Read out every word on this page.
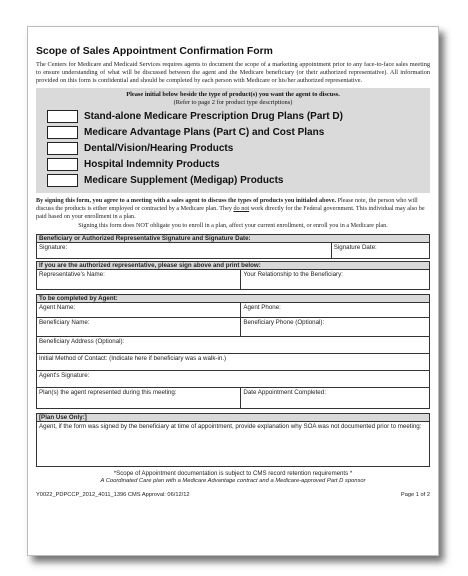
Scope of Sales Appointment Confirmation Form
The Centers for Medicare and Medicaid Services requires agents to document the scope of a marketing appointment prior to any face-to-face sales meeting to ensure understanding of what will be discussed between the agent and the Medicare beneficiary (or their authorized representative). All information provided on this form is confidential and should be completed by each person with Medicare or his/her authorized representative.
Please initial below beside the type of product(s) you want the agent to discuss.
(Refer to page 2 for product type descriptions)
Stand-alone Medicare Prescription Drug Plans (Part D)
Medicare Advantage Plans (Part C) and Cost Plans
Dental/Vision/Hearing Products
Hospital Indemnity Products
Medicare Supplement (Medigap) Products
By signing this form, you agree to a meeting with a sales agent to discuss the types of products you initialed above. Please note, the person who will discuss the products is either employed or contracted by a Medicare plan. They do not work directly for the Federal government. This individual may also be paid based on your enrollment in a plan.
Signing this form does NOT obligate you to enroll in a plan, affect your current enrollment, or enroll you in a Medicare plan.
Beneficiary or Authorized Representative Signature and Signature Date:
Signature:	Signature Date:
If you are the authorized representative, please sign above and print below:
Representative's Name:	Your Relationship to the Beneficiary:
To be completed by Agent:	
Agent Name:	Agent Phone:
Beneficiary Name:	Beneficiary Phone (Optional):
Beneficiary Address (Optional):	
Initial Method of Contact: (Indicate here if beneficiary was a walk-in.)	
Agent's Signature:	
Plan(s) the agent represented during this meeting:	Date Appointment Completed:
[Plan Use Only:]
Agent, if the form was signed by the beneficiary at time of appointment, provide explanation why SOA was not documented prior to meeting:
*Scope of Appointment documentation is subject to CMS record retention requirements *
A Coordinated Care plan with a Medicare Advantage contract and a Medicare-approved Part D sponsor
Y0022_PDPCCP_2012_4011_1396 CMS Approval: 06/12/12	Page 1 of 2
